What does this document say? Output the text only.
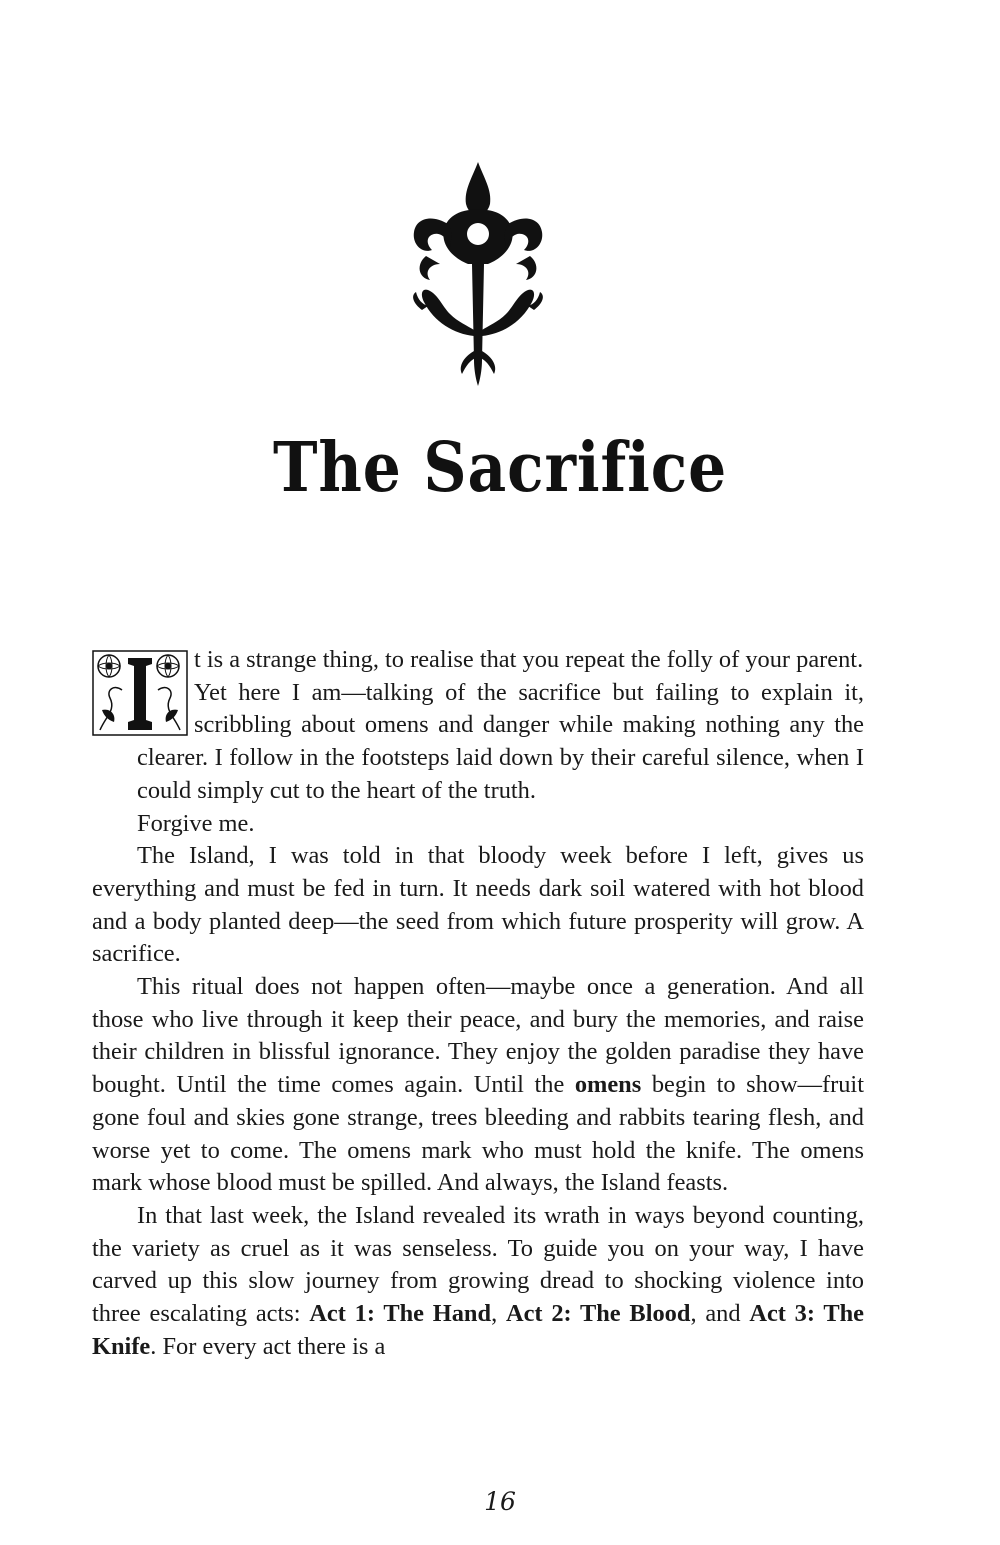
The Sacrifice

t is a strange thing, to realise that you repeat the folly of your parent.
Yet here I am—talking of the sacrifice but failing to explain it, scribbling about omens and danger while making nothing any the clearer. I follow in the footsteps laid down by their careful silence, when I could simply cut to the heart of the truth.

Forgive me.

The Island, I was told in that bloody week before I left, gives us everything and must be fed in turn. It needs dark soil watered with hot blood and a body planted deep—the seed from which future prosperity will grow. A sacrifice.

This ritual does not happen often—maybe once a generation. And all those who live through it keep their peace, and bury the memories, and raise their children in blissful ignorance. They enjoy the golden paradise they have bought. Until the time comes again. Until the omens begin to show—fruit gone foul and skies gone strange, trees bleeding and rabbits tearing flesh, and worse yet to come. The omens mark who must hold the knife. The omens mark whose blood must be spilled. And always, the Island feasts.

In that last week, the Island revealed its wrath in ways beyond counting, the variety as cruel as it was senseless. To guide you on your way, I have carved up this slow journey from growing dread to shocking violence into three escalating acts: Act 1: The Hand, Act 2: The Blood, and Act 3: The Knife. For every act there is a

16
